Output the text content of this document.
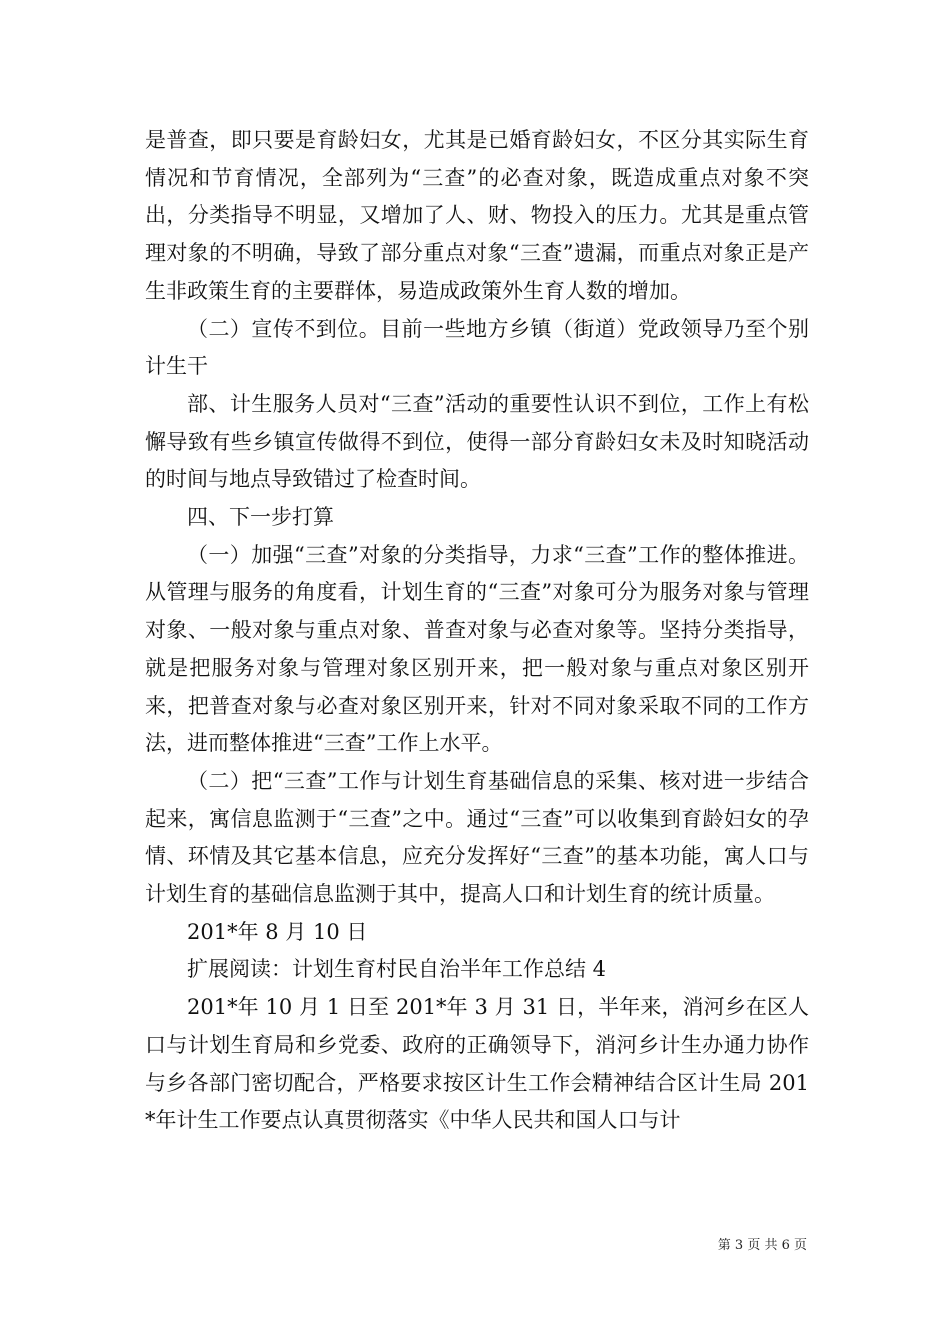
是普查，即只要是育龄妇女，尤其是已婚育龄妇女，不区分其实际生育情况和节育情况，全部列为“三查”的必查对象，既造成重点对象不突出，分类指导不明显，又增加了人、财、物投入的压力。尤其是重点管理对象的不明确，导致了部分重点对象“三查”遗漏，而重点对象正是产生非政策生育的主要群体，易造成政策外生育人数的增加。

（二）宣传不到位。目前一些地方乡镇（街道）党政领导乃至个别计生干

部、计生服务人员对“三查”活动的重要性认识不到位，工作上有松懈导致有些乡镇宣传做得不到位，使得一部分育龄妇女未及时知晓活动的时间与地点导致错过了检查时间。

四、下一步打算

（一）加强“三查”对象的分类指导，力求“三查”工作的整体推进。从管理与服务的角度看，计划生育的“三查”对象可分为服务对象与管理对象、一般对象与重点对象、普查对象与必查对象等。坚持分类指导，就是把服务对象与管理对象区别开来，把一般对象与重点对象区别开来，把普查对象与必查对象区别开来，针对不同对象采取不同的工作方法，进而整体推进“三查”工作上水平。

（二）把“三查”工作与计划生育基础信息的采集、核对进一步结合起来，寓信息监测于“三查”之中。通过“三查”可以收集到育龄妇女的孕情、环情及其它基本信息，应充分发挥好“三查”的基本功能，寓人口与计划生育的基础信息监测于其中，提高人口和计划生育的统计质量。

201*年 8 月 10 日

扩展阅读：计划生育村民自治半年工作总结 4

201*年 10 月 1 日至 201*年 3 月 31 日，半年来，消河乡在区人口与计划生育局和乡党委、政府的正确领导下，消河乡计生办通力协作与乡各部门密切配合，严格要求按区计生工作会精神结合区计生局 201*年计生工作要点认真贯彻落实《中华人民共和国人口与计

第 3 页 共 6 页
